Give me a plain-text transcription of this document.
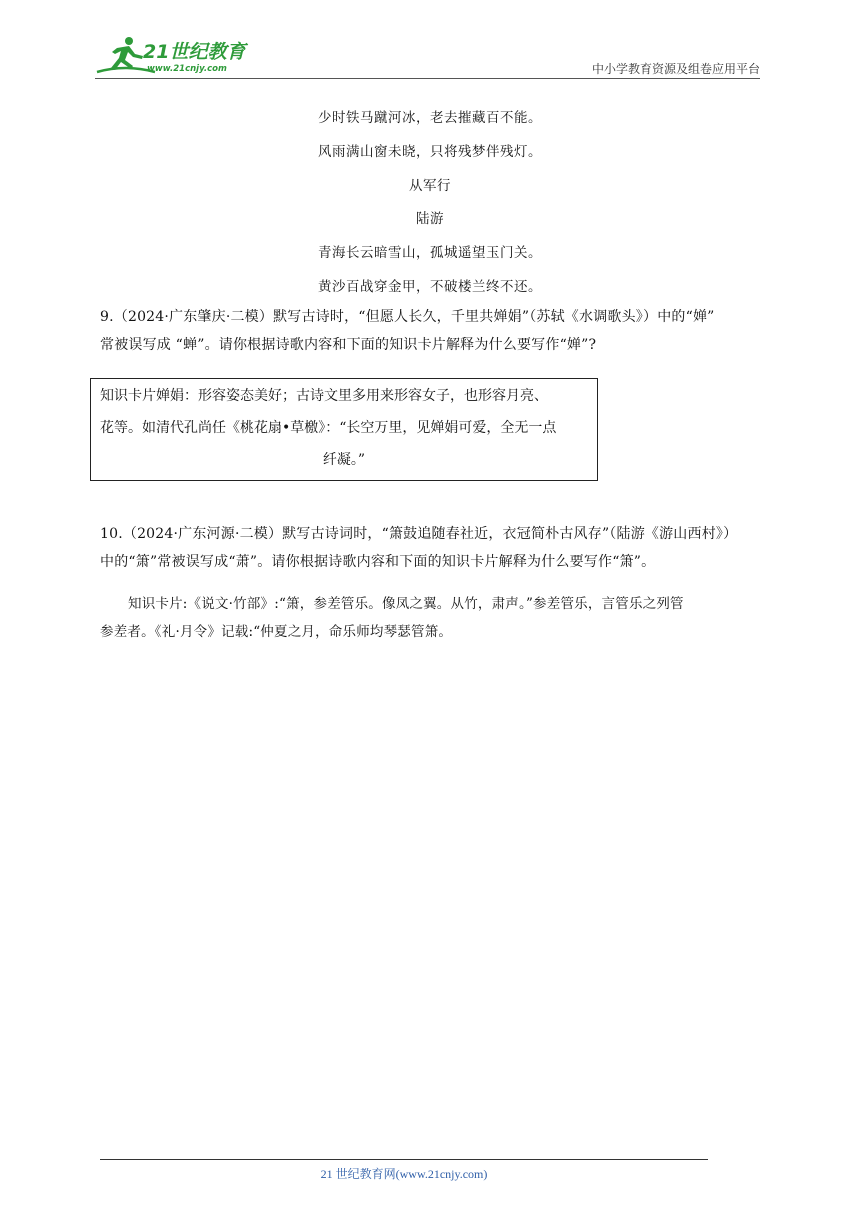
21世纪教育
www.21cnjy.com	中小学教育资源及组卷应用平台
少时铁马蹴河冰，老去摧藏百不能。
风雨满山窗未晓，只将残梦伴残灯。
从军行
陆游
青海长云暗雪山，孤城遥望玉门关。
黄沙百战穿金甲，不破楼兰终不还。
9.（2024·广东肇庆·二模）默写古诗时，“但愿人长久，千里共婵娟”（苏轼《水调歌头》）中的“婵”
常被误写成 “蝉”。请你根据诗歌内容和下面的知识卡片解释为什么要写作“婵”?
知识卡片婵娟：形容姿态美好；古诗文里多用来形容女子，也形容月亮、
花等。如清代孔尚任《桃花扇•草檄》：“长空万里，见婵娟可爱，全无一点
纤凝。”
10.（2024·广东河源·二模）默写古诗词时，“箫鼓追随春社近，衣冠简朴古风存”（陆游《游山西村》）
中的“箫”常被误写成“萧”。请你根据诗歌内容和下面的知识卡片解释为什么要写作“箫”。
知识卡片:《说文·竹部》:“箫，参差管乐。像凤之翼。从竹，肃声。”参差管乐，言管乐之列管
参差者。《礼·月令》记载:“仲夏之月，命乐师均琴瑟管箫。
21 世纪教育网(www.21cnjy.com)
